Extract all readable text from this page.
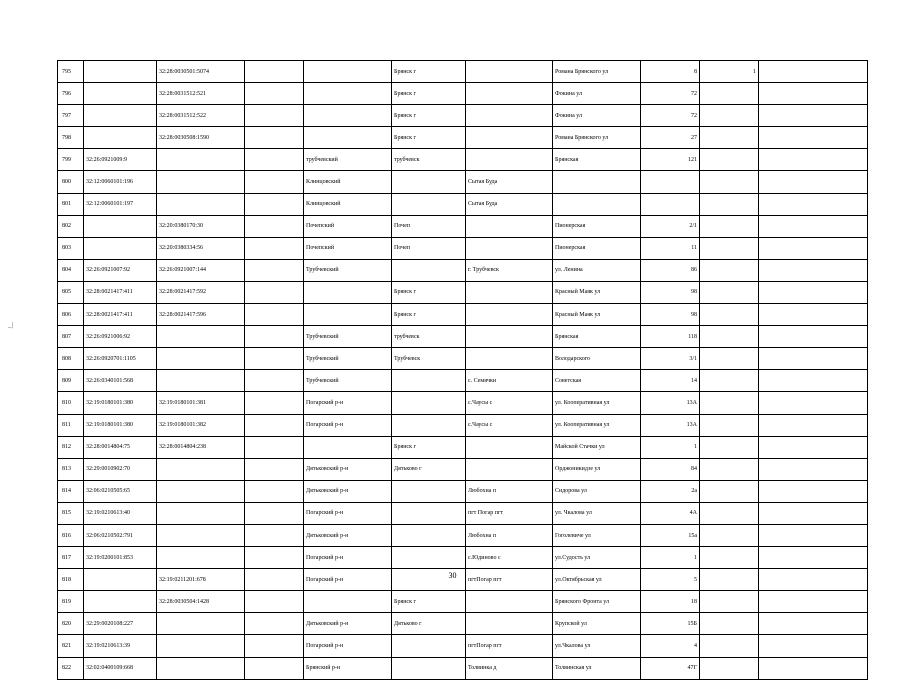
795		32:28:0030501:5074			Брянск г		Романа Брянского ул	8	1	
796		32:28:0031512:521			Брянск г		Фокина ул	72		
797		32:28:0031512:522			Брянск г		Фокина ул	72		
798		32:28:0030508:1590			Брянск г		Романа Брянского ул	27		
799	32:26:0921009:9			трубчевский	трубчевск		Брянская	121		
800	32:12:0060101:196			Клинцовский		Сытая Буда				
801	32:12:0060101:197			Клинцовский		Сытая Буда				
802		32:20:0380170:30		Почепский	Почеп		Пионерская	2/1		
803		32:20:0380334:56		Почепский	Почеп		Пионерская	11		
804	32:26:0921007:92	32:26:0921007:144		Трубчевский		г. Трубчевск	ул. Ленина	86		
805	32:28:0021417:411	32:28:0021417:592			Брянск г		Красный Маяк ул	98		
806	32:28:0021417:411	32:28:0021417:596			Брянск г		Красный Маяк ул	98		
807	32:26:0921006:92			Трубчевский	трубчевск		Брянская	118		
808	32:26:0920701:1105			Трубчевский	Трубчевск		Володарского	3/1		
809	32:26:0340101:568			Трубчевский		с. Семячки	Советская	14		
810	32:19:0180101:380	32:19:0180101:381		Погарский р-н		с.Чаусы с	ул. Кооперативная ул	13А		
811	32:19:0180101:380	32:19:0180101:382		Погарский р-н		с.Чаусы с	ул. Кооперативная ул	13А		
812	32:28:0014804:75	32:28:0014804:238			Брянск г		Майской Стачки ул	1		
813	32:29:0010902:70			Дятьковский р-н	Дятьково г		Орджоникидзе ул	84		
814	32:06:0210505:65			Дятьковский р-н		Любохна п	Сидорова ул	2а		
815	32:19:0210613:40			Погарский р-н		пгт Погар пгт	ул. Чкалова ул	4А		
816	32:06:0210502:791			Дятьковский р-н		Любохна п	Гоголевиче ул	15а		
817	32:19:0200101:853			Погарский р-н		с.Юдиново с	ул.Судость ул	1		
818		32:19:0211201:678		Погарский р-н		пгтПогар пгт	ул.Октябрьская ул	5		
819		32:28:0030504:1428			Брянск г		Брянского Фронта ул	18		
820	32:29:0020108:227			Дятьковский р-н	Дятьково г		Крупской ул	15Б		
821	32:19:0210613:39			Погарский р-н		пгтПогар пгт	ул.Чкалова ул	4		
822	32:02:0400109:668			Брянский р-н		Толвинка д	Толвинская ул	47Г		
_|
30
